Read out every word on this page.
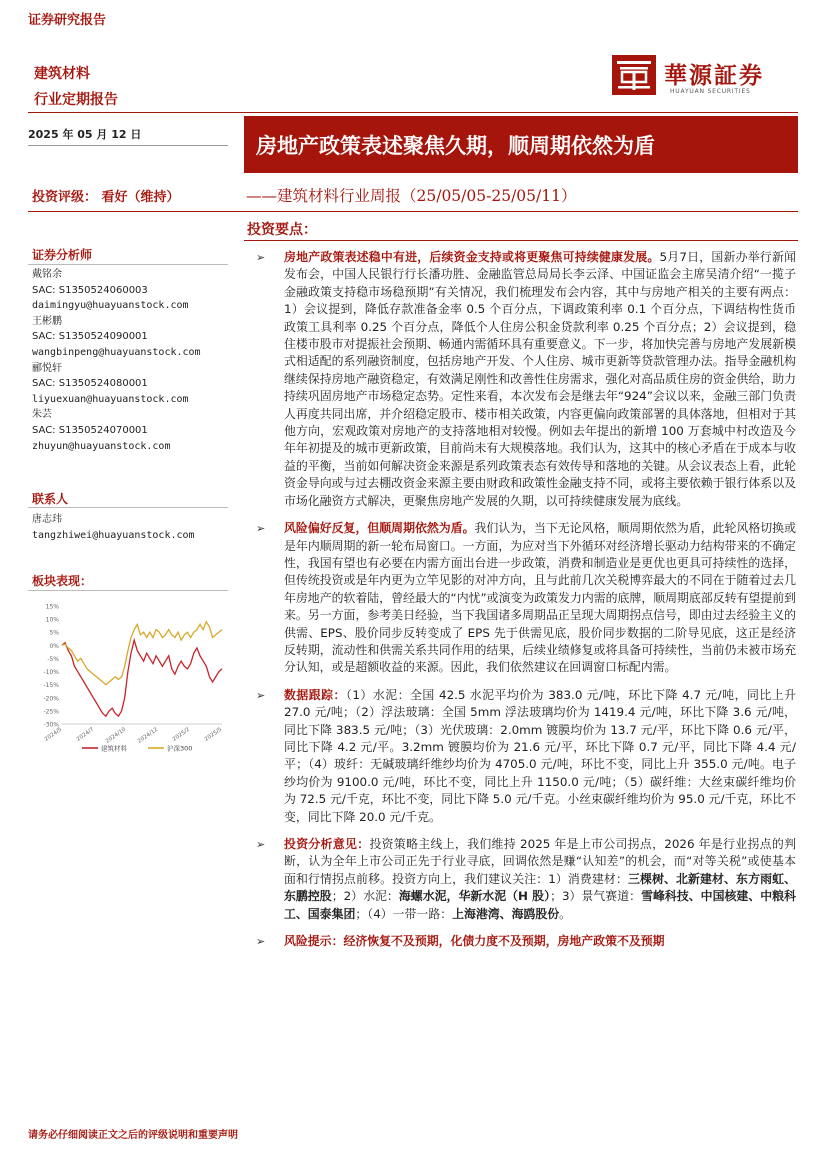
证券研究报告
建筑材料
行业定期报告
華源証券
HUAYUAN SECURITIES
2025 年 05 月 12 日	房地产政策表述聚焦久期，顺周期依然为盾
投资评级： 看好（维持）	——建筑材料行业周报（25/05/05-25/05/11）
投资要点：
证券分析师
戴铭余
SAC: S1350524060003
daimingyu@huayuanstock.com
王彬鹏
SAC: S1350524090001
wangbinpeng@huayuanstock.com
郦悦轩
SAC: S1350524080001
liyuexuan@huayuanstock.com
朱芸
SAC: S1350524070001
zhuyun@huayuanstock.com
联系人
唐志玮
tangzhiwei@huayuanstock.com
板块表现：
15%
10%
5%
0%
-5%
-10%
-15%
-20%
-25%
-30%
2024/5 2024/7 2024/10 2024/12 2025/2 2025/5
建筑材料	沪深300
➢ 房地产政策表述稳中有进，后续资金支持或将更聚焦可持续健康发展。5月7日，国新办举行新闻发布会，中国人民银行行长潘功胜、金融监管总局局长李云泽、中国证监会主席吴清介绍“一揽子金融政策支持稳市场稳预期”有关情况，我们梳理发布会内容，其中与房地产相关的主要有两点：1）会议提到，降低存款准备金率 0.5 个百分点，下调政策利率 0.1 个百分点，下调结构性货币政策工具利率 0.25 个百分点，降低个人住房公积金贷款利率 0.25 个百分点；2）会议提到，稳住楼市股市对提振社会预期、畅通内需循环具有重要意义。下一步，将加快完善与房地产发展新模式相适配的系列融资制度，包括房地产开发、个人住房、城市更新等贷款管理办法。指导金融机构继续保持房地产融资稳定，有效满足刚性和改善性住房需求，强化对高品质住房的资金供给，助力持续巩固房地产市场稳定态势。定性来看，本次发布会是继去年“924”会议以来，金融三部门负责人再度共同出席，并介绍稳定股市、楼市相关政策，内容更偏向政策部署的具体落地，但相对于其他方向，宏观政策对房地产的支持落地相对较慢。例如去年提出的新增 100 万套城中村改造及今年年初提及的城市更新政策，目前尚未有大规模落地。我们认为，这其中的核心矛盾在于成本与收益的平衡，当前如何解决资金来源是系列政策表态有效传导和落地的关键。从会议表态上看，此轮资金导向或与过去棚改资金来源主要由财政和政策性金融支持不同，或将主要依赖于银行体系以及市场化融资方式解决，更聚焦房地产发展的久期，以可持续健康发展为底线。
➢ 风险偏好反复，但顺周期依然为盾。我们认为，当下无论风格，顺周期依然为盾，此轮风格切换或是年内顺周期的新一轮布局窗口。一方面，为应对当下外循环对经济增长驱动力结构带来的不确定性，我国有望也有必要在内需方面出台进一步政策，消费和制造业是更优也更具可持续性的选择，但传统投资或是年内更为立竿见影的对冲方向，且与此前几次关税博弈最大的不同在于随着过去几年房地产的软着陆，曾经最大的“内忧”或演变为政策发力内需的底牌，顺周期底部反转有望提前到来。另一方面，参考美日经验，当下我国诸多周期品正呈现大周期拐点信号，即由过去经验主义的供需、EPS、股价同步反转变成了 EPS 先于供需见底，股价同步数据的二阶导见底，这正是经济反转期，流动性和供需关系共同作用的结果，后续业绩修复或将具备可持续性，当前仍未被市场充分认知，或是超额收益的来源。因此，我们依然建议在回调窗口标配内需。
➢ 数据跟踪：（1）水泥：全国 42.5 水泥平均价为 383.0 元/吨，环比下降 4.7 元/吨，同比上升 27.0 元/吨；（2）浮法玻璃：全国 5mm 浮法玻璃均价为 1419.4 元/吨，环比下降 3.6 元/吨，同比下降 383.5 元/吨；（3）光伏玻璃：2.0mm 镀膜均价为 13.7 元/平，环比下降 0.6 元/平，同比下降 4.2 元/平。3.2mm 镀膜均价为 21.6 元/平，环比下降 0.7 元/平，同比下降 4.4 元/平；（4）玻纤：无碱玻璃纤维纱均价为 4705.0 元/吨，环比不变，同比上升 355.0 元/吨。电子纱均价为 9100.0 元/吨，环比不变，同比上升 1150.0 元/吨；（5）碳纤维：大丝束碳纤维均价为 72.5 元/千克，环比不变，同比下降 5.0 元/千克。小丝束碳纤维均价为 95.0 元/千克，环比不变，同比下降 20.0 元/千克。
➢ 投资分析意见：投资策略主线上，我们维持 2025 年是上市公司拐点，2026 年是行业拐点的判断，认为全年上市公司正先于行业寻底，回调依然是赚“认知差”的机会，而“对等关税”或使基本面和行情拐点前移。投资方向上，我们建议关注：1）消费建材：三棵树、北新建材、东方雨虹、东鹏控股；2）水泥：海螺水泥，华新水泥（H 股）；3）景气赛道：雪峰科技、中国核建、中粮科工、国泰集团；（4）一带一路：上海港湾、海鸥股份。
➢ 风险提示：经济恢复不及预期，化债力度不及预期，房地产政策不及预期
请务必仔细阅读正文之后的评级说明和重要声明
